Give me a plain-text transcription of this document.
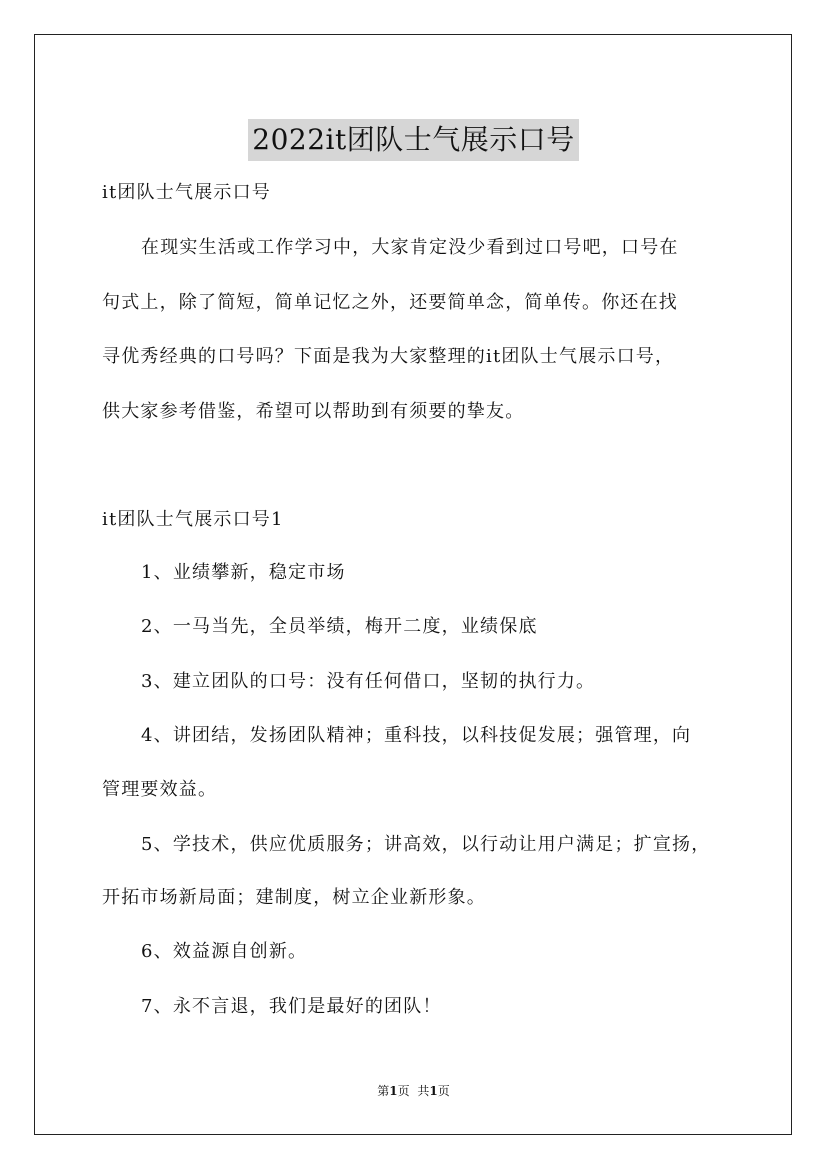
2022it团队士气展示口号

it团队士气展示口号

在现实生活或工作学习中，大家肯定没少看到过口号吧，口号在

句式上，除了简短，简单记忆之外，还要简单念，简单传。你还在找

寻优秀经典的口号吗？下面是我为大家整理的it团队士气展示口号，

供大家参考借鉴，希望可以帮助到有须要的挚友。

it团队士气展示口号1

1、业绩攀新，稳定市场

2、一马当先，全员举绩，梅开二度，业绩保底

3、建立团队的口号：没有任何借口，坚韧的执行力。

4、讲团结，发扬团队精神；重科技，以科技促发展；强管理，向

管理要效益。

5、学技术，供应优质服务；讲高效，以行动让用户满足；扩宣扬，

开拓市场新局面；建制度，树立企业新形象。

6、效益源自创新。

7、永不言退，我们是最好的团队！

第1页 共1页
